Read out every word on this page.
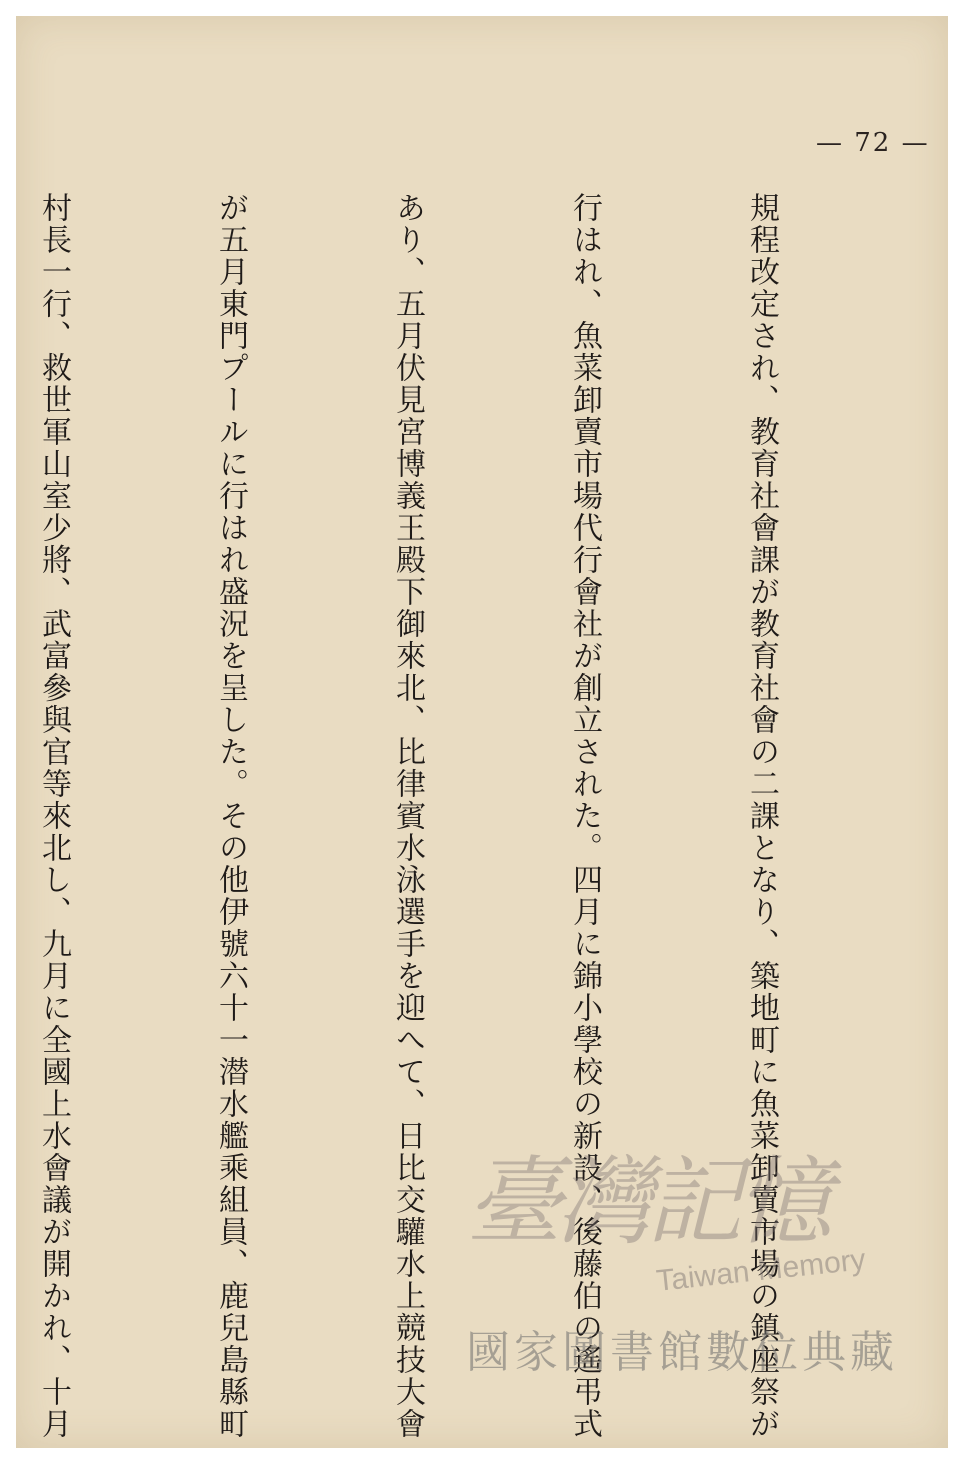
— 72 —

規程改定され、教育社會課が教育社會の二課となり、築地町に魚菜卸賣市場の鎮座祭が

行はれ、魚菜卸賣市場代行會社が創立された。四月に錦小學校の新設、後藤伯の遙弔式

あり、五月伏見宮博義王殿下御來北、比律賓水泳選手を迎へて、日比交驩水上競技大會

が五月東門プールに行はれ盛況を呈した。その他伊號六十一潜水艦乘組員、鹿兒島縣町

村長一行、救世軍山室少將、武富參與官等來北し、九月に全國上水會議が開かれ、十月

	臺灣記憶
Taiwan Memory
國家圖書館數位典藏
